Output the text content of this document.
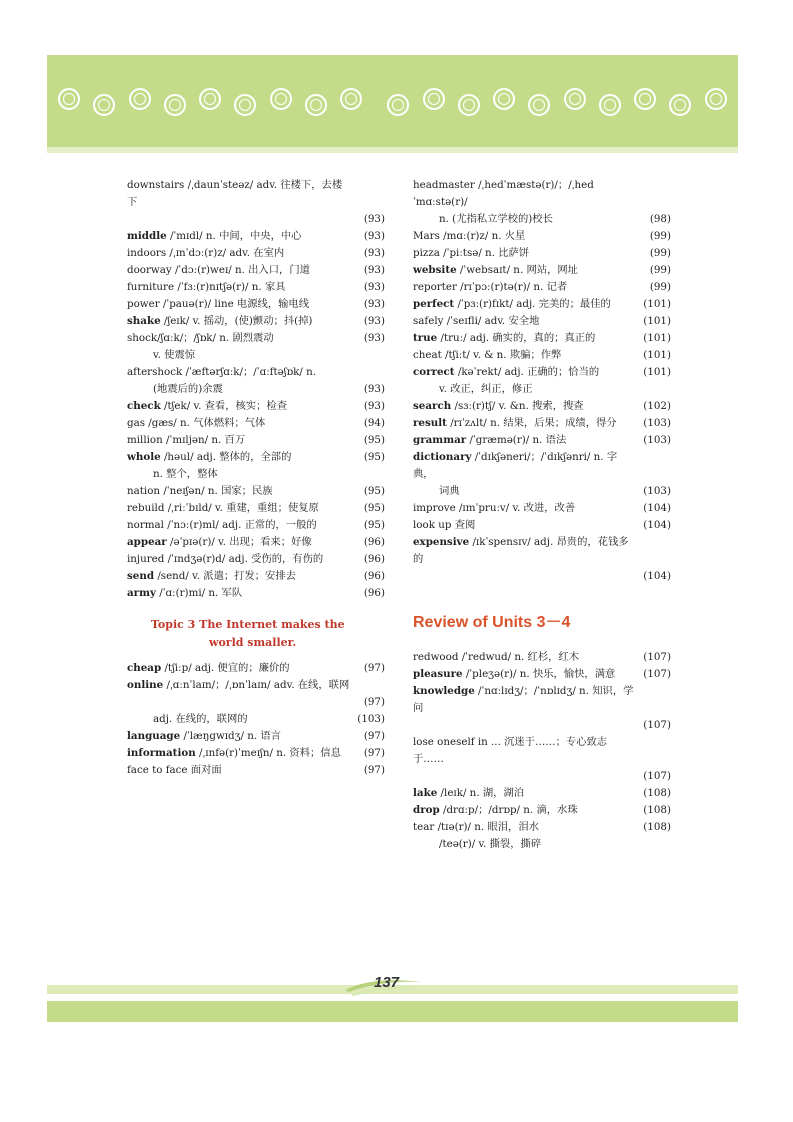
downstairs /ˌdaunˈsteəz/ adv. 往楼下，去楼下
(93)
middle /ˈmɪdl/ n. 中间，中央，中心	(93)
indoors /ˌɪnˈdɔː(r)z/ adv. 在室内	(93)
doorway /ˈdɔː(r)weɪ/ n. 出入口，门道	(93)
furniture /ˈfɜː(r)nɪtʃə(r)/ n. 家具	(93)
power /ˈpauə(r)/ line 电源线，输电线	(93)
shake /ʃeɪk/ v. 摇动，(使)颤动；抖(掉)	(93)
shock/ʃɑːk/；/ʃɒk/ n. 剧烈震动	(93)
v. 使震惊
aftershock /ˈæftərʃɑːk/；/ˈɑːftəʃɒk/ n.
(地震后的)余震	(93)
check /tʃek/ v. 查看，核实；检查	(93)
gas /gæs/ n. 气体燃料；气体	(94)
million /ˈmɪljən/ n. 百万	(95)
whole /həul/ adj. 整体的，全部的	(95)
n. 整个，整体
nation /ˈneɪʃən/ n. 国家；民族	(95)
rebuild /ˌriːˈbɪld/ v. 重建，重组；使复原	(95)
normal /ˈnɔː(r)ml/ adj. 正常的，一般的	(95)
appear /əˈpɪə(r)/ v. 出现；看来；好像	(96)
injured /ˈɪndʒə(r)d/ adj. 受伤的，有伤的	(96)
send /send/ v. 派遣；打发；安排去	(96)
army /ˈɑː(r)mi/ n. 军队	(96)
Topic 3 The Internet makes the
world smaller.
cheap /tʃiːp/ adj. 便宜的；廉价的	(97)
online /ˌɑːnˈlaɪn/；/ˌɒnˈlaɪn/ adv. 在线，联网
(97)
adj. 在线的，联网的	(103)
language /ˈlæŋgwɪdʒ/ n. 语言	(97)
information /ˌɪnfə(r)ˈmeɪʃn/ n. 资料；信息 (97)
face to face 面对面	(97)
headmaster /ˌhedˈmæstə(r)/；/ˌhedˈmɑːstə(r)/
n. (尤指私立学校的)校长	(98)
Mars /mɑː(r)z/ n. 火星	(99)
pizza /ˈpiːtsə/ n. 比萨饼	(99)
website /ˈwebsaɪt/ n. 网站，网址	(99)
reporter /rɪˈpɔː(r)tə(r)/ n. 记者	(99)
perfect /ˈpɜː(r)fɪkt/ adj. 完美的；最佳的	(101)
safely /ˈseɪfli/ adv. 安全地	(101)
true /truː/ adj. 确实的，真的；真正的	(101)
cheat /tʃiːt/ v. & n. 欺骗；作弊	(101)
correct /kəˈrekt/ adj. 正确的；恰当的	(101)
v. 改正，纠正，修正
search /sɜː(r)tʃ/ v. &n. 搜索，搜查	(102)
result /rɪˈzʌlt/ n. 结果，后果；成绩，得分	(103)
grammar /ˈgræmə(r)/ n. 语法	(103)
dictionary /ˈdɪkʃəneri/；/ˈdɪkʃənri/ n. 字典，
词典	(103)
improve /ɪmˈpruːv/ v. 改进，改善	(104)
look up 查阅	(104)
expensive /ɪkˈspensɪv/ adj. 昂贵的，花钱多的
(104)
Review of Units 3－4
redwood /ˈredwud/ n. 红杉，红木	(107)
pleasure /ˈpleʒə(r)/ n. 快乐，愉快，满意	(107)
knowledge /ˈnɑːlɪdʒ/；/ˈnɒlɪdʒ/ n. 知识，学问
(107)
lose oneself in ... 沉迷于……；专心致志于……
(107)
lake /leɪk/ n. 湖，湖泊	(108)
drop /drɑːp/；/drɒp/ n. 滴，水珠	(108)
tear /tɪə(r)/ n. 眼泪，泪水	(108)
/teə(r)/ v. 撕裂，撕碎
137
